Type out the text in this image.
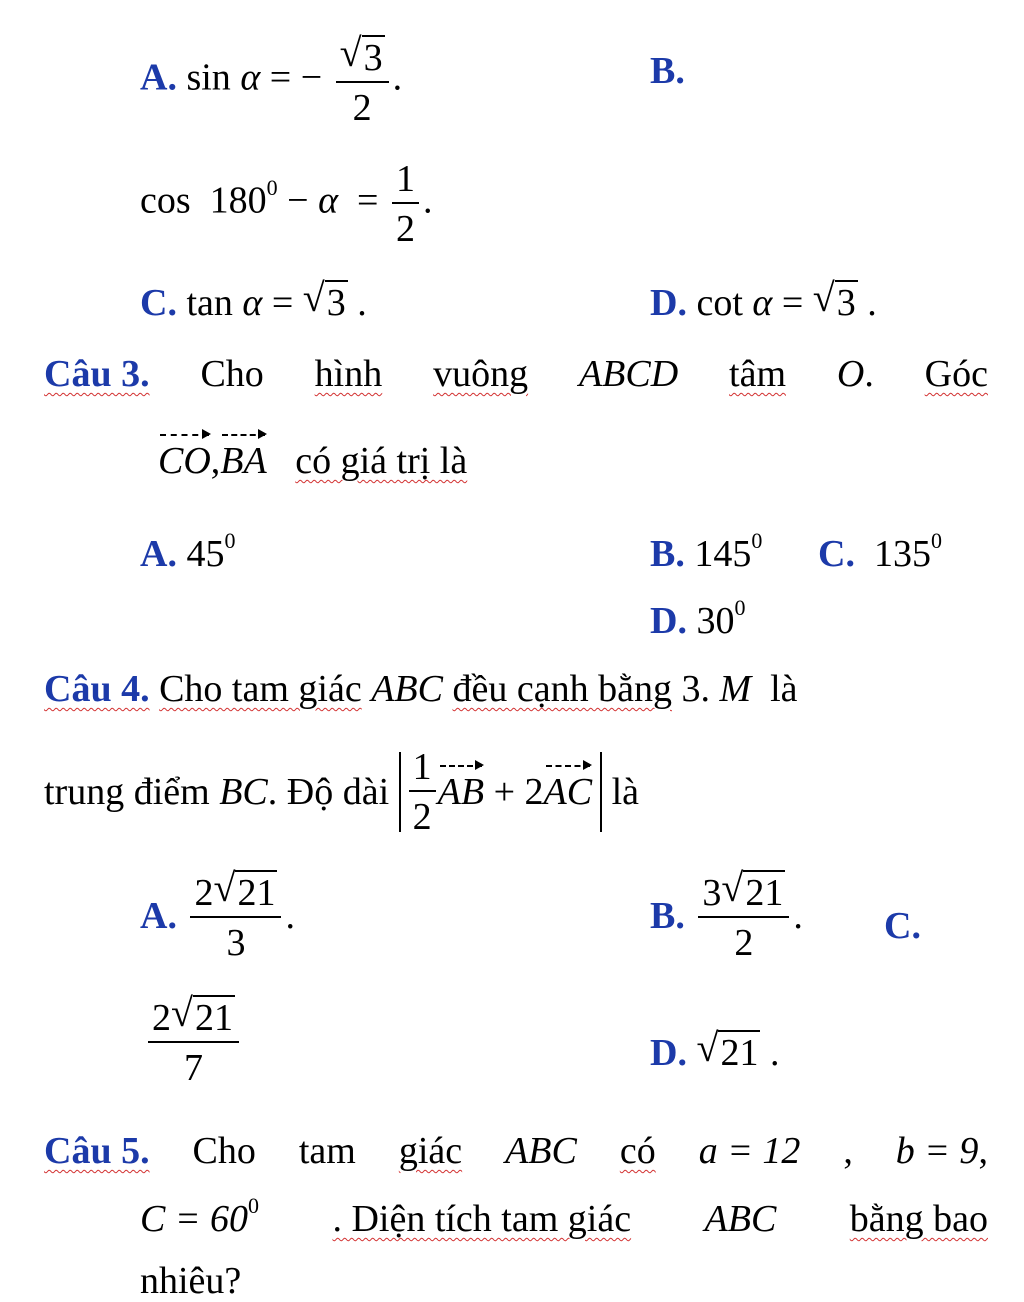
A. sin α = − √ $\frac{3}{2}$ .	B.
$\cos 180^0 - \alpha = \frac{1}{2}$ .
C. tan α = √ 3 .	D. cot α = √ 3 .
Câu 3. Cho hình vuông ABCD tâm O. Góc
CO,BA có giá trị là
A. $45^0$	B. $145^0$ C. $135^0$
D. $30^0$
Câu 4. Cho tam giác ABC đều cạnh bằng 3. M là
trung điểm
BC . Độ dài
$\frac{1}{2}$ AB
+ 2 AC
là
A. $\frac{2 √ 21}{3}$ .	B. $\frac{3 √ 21}{2}$ . C.
$\frac{2 √ 21}{7}$	D. √ 21 .
Câu 5. Cho tam giác ABC có a = 12 , b = 9,
$C = 60^0$ . Diện tích tam giác ABC bằng bao
nhiêu?
